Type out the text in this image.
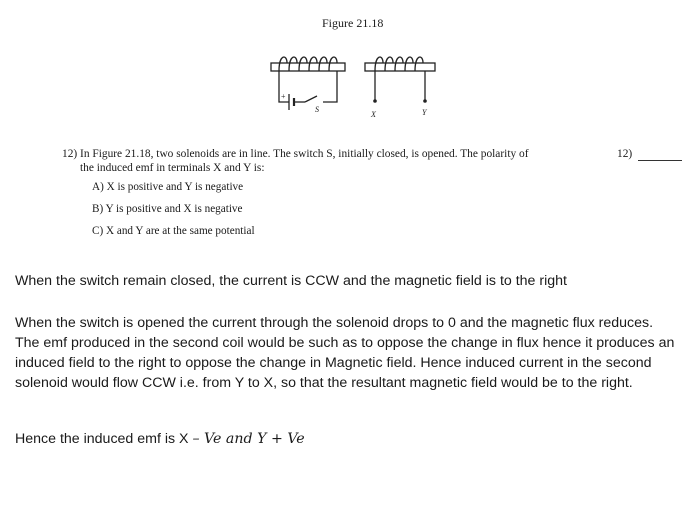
Figure 21.18
+
S
X	Y
12) In Figure 21.18, two solenoids are in line. The switch S, initially closed, is opened. The polarity of
the induced emf in terminals X and Y is:
12)
A) X is positive and Y is negative
B) Y is positive and X is negative
C) X and Y are at the same potential
When the switch remain closed, the current is CCW and the magnetic field is to the right
When the switch is opened the current through the solenoid drops to 0 and the magnetic flux reduces. The emf produced in the second coil would be such as to oppose the change in flux hence it produces an induced field to the right to oppose the change in Magnetic field. Hence induced current in the second solenoid would flow CCW i.e. from Y to X, so that the resultant magnetic field would be to the right.
Hence the induced emf is X – Ve and Y + Ve
